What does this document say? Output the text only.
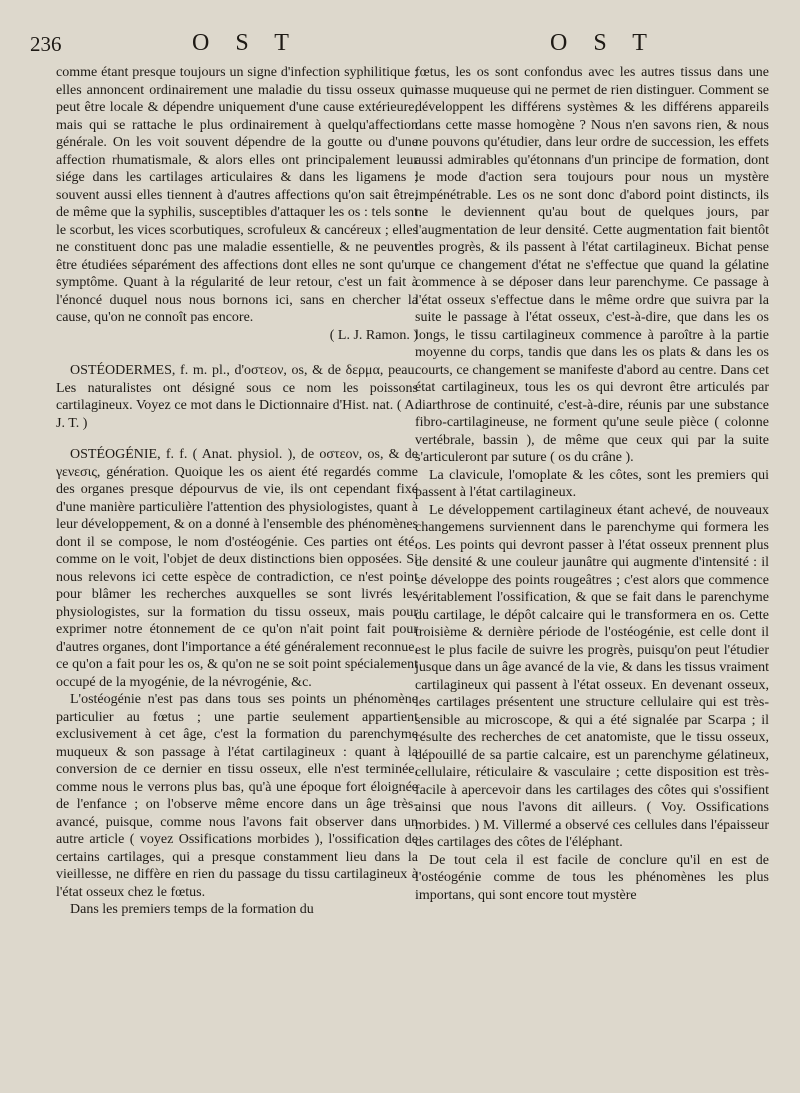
236	O S T	O S T

comme étant presque toujours un signe d'infection syphilitique ; elles annoncent ordinairement une maladie du tissu osseux qui peut être locale & dépendre uniquement d'une cause extérieure, mais qui se rattache le plus ordinairement à quelqu'affection générale. On les voit souvent dépendre de la goutte ou d'une affection rhumatismale, & alors elles ont principalement leur siége dans les cartilages articulaires & dans les ligamens ; souvent aussi elles tiennent à d'autres affections qu'on sait être, de même que la syphilis, susceptibles d'attaquer les os : tels sont le scorbut, les vices scorbutiques, scrofuleux & cancéreux ; elles ne constituent donc pas une maladie essentielle, & ne peuvent être étudiées séparément des affections dont elles ne sont qu'un symptôme. Quant à la régularité de leur retour, c'est un fait à l'énoncé duquel nous nous bornons ici, sans en chercher la cause, qu'on ne connoît pas encore.

( L. J. Ramon. )

OSTÉODERMES, f. m. pl., d'οστεον, os, & de δερμα, peau. Les naturalistes ont désigné sous ce nom les poissons cartilagineux. Voyez ce mot dans le Dictionnaire d'Hist. nat. ( A. J. T. )

OSTÉOGÉNIE, f. f. ( Anat. physiol. ), de οστεον, os, & de γενεσις, génération. Quoique les os aient été regardés comme des organes presque dépourvus de vie, ils ont cependant fixé d'une manière particulière l'attention des physiologistes, quant à leur développement, & on a donné à l'ensemble des phénomènes dont il se compose, le nom d'ostéogénie. Ces parties ont été, comme on le voit, l'objet de deux distinctions bien opposées. Si nous relevons ici cette espèce de contradiction, ce n'est point pour blâmer les recherches auxquelles se sont livrés les physiologistes, sur la formation du tissu osseux, mais pour exprimer notre étonnement de ce qu'on n'ait point fait pour d'autres organes, dont l'importance a été généralement reconnue, ce qu'on a fait pour les os, & qu'on ne se soit point spécialement occupé de la myogénie, de la névrogénie, &c.

L'ostéogénie n'est pas dans tous ses points un phénomène particulier au fœtus ; une partie seulement appartient exclusivement à cet âge, c'est la formation du parenchyme muqueux & son passage à l'état cartilagineux : quant à la conversion de ce dernier en tissu osseux, elle n'est terminée, comme nous le verrons plus bas, qu'à une époque fort éloignée de l'enfance ; on l'observe même encore dans un âge très-avancé, puisque, comme nous l'avons fait observer dans un autre article ( voyez Ossifications morbides ), l'ossification de certains cartilages, qui a presque constamment lieu dans la vieillesse, ne diffère en rien du passage du tissu cartilagineux à l'état osseux chez le fœtus.

Dans les premiers temps de la formation du

fœtus, les os sont confondus avec les autres tissus dans une masse muqueuse qui ne permet de rien distinguer. Comment se développent les différens systèmes & les différens appareils dans cette masse homogène ? Nous n'en savons rien, & nous ne pouvons qu'étudier, dans leur ordre de succession, les effets aussi admirables qu'étonnans d'un principe de formation, dont le mode d'action sera toujours pour nous un mystère impénétrable. Les os ne sont donc d'abord point distincts, ils ne le deviennent qu'au bout de quelques jours, par l'augmentation de leur densité. Cette augmentation fait bientôt des progrès, & ils passent à l'état cartilagineux. Bichat pense que ce changement d'état ne s'effectue que quand la gélatine commence à se déposer dans leur parenchyme. Ce passage à l'état osseux s'effectue dans le même ordre que suivra par la suite le passage à l'état osseux, c'est-à-dire, que dans les os longs, le tissu cartilagineux commence à paroître à la partie moyenne du corps, tandis que dans les os plats & dans les os courts, ce changement se manifeste d'abord au centre. Dans cet état cartilagineux, tous les os qui devront être articulés par diarthrose de continuité, c'est-à-dire, réunis par une substance fibro-cartilagineuse, ne forment qu'une seule pièce ( colonne vertébrale, bassin ), de même que ceux qui par la suite s'articuleront par suture ( os du crâne ).

La clavicule, l'omoplate & les côtes, sont les premiers qui passent à l'état cartilagineux.

Le développement cartilagineux étant achevé, de nouveaux changemens surviennent dans le parenchyme qui formera les os. Les points qui devront passer à l'état osseux prennent plus de densité & une couleur jaunâtre qui augmente d'intensité : il se développe des points rougeâtres ; c'est alors que commence véritablement l'ossification, & que se fait dans le parenchyme du cartilage, le dépôt calcaire qui le transformera en os. Cette troisième & dernière période de l'ostéogénie, est celle dont il est le plus facile de suivre les progrès, puisqu'on peut l'étudier jusque dans un âge avancé de la vie, & dans les tissus vraiment cartilagineux qui passent à l'état osseux. En devenant osseux, les cartilages présentent une structure cellulaire qui est très-sensible au microscope, & qui a été signalée par Scarpa ; il résulte des recherches de cet anatomiste, que le tissu osseux, dépouillé de sa partie calcaire, est un parenchyme gélatineux, cellulaire, réticulaire & vasculaire ; cette disposition est très-facile à apercevoir dans les cartilages des côtes qui s'ossifient ainsi que nous l'avons dit ailleurs. ( Voy. Ossifications morbides. ) M. Villermé a observé ces cellules dans l'épaisseur des cartilages des côtes de l'éléphant.

De tout cela il est facile de conclure qu'il en est de l'ostéogénie comme de tous les phénomènes les plus importans, qui sont encore tout mystère
